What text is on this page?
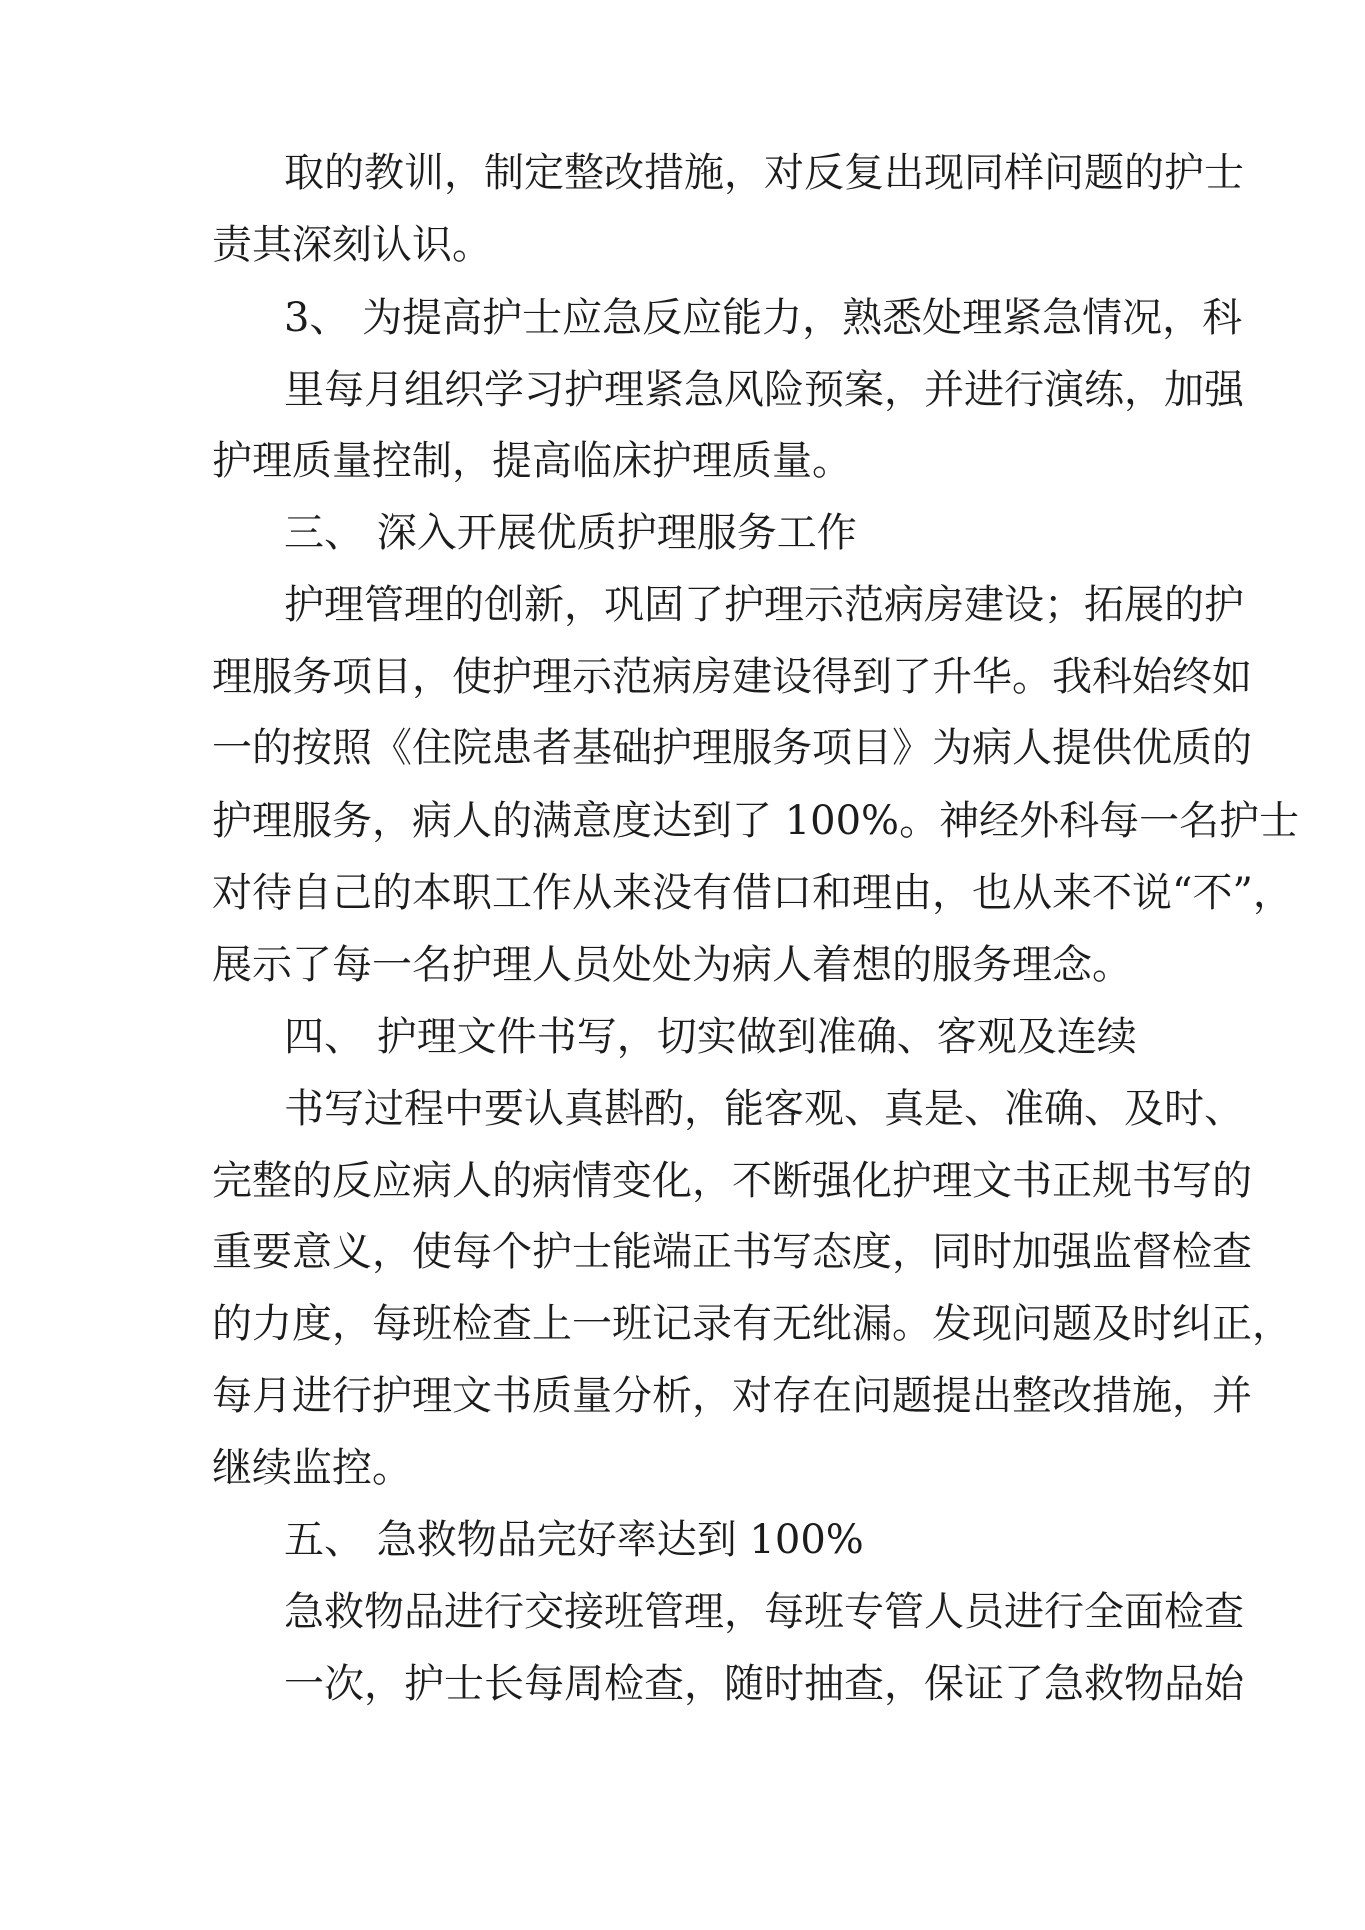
取的教训，制定整改措施，对反复出现同样问题的护士
责其深刻认识。
3、 为提高护士应急反应能力，熟悉处理紧急情况，科
里每月组织学习护理紧急风险预案，并进行演练，加强
护理质量控制，提高临床护理质量。
三、 深入开展优质护理服务工作
护理管理的创新，巩固了护理示范病房建设；拓展的护
理服务项目，使护理示范病房建设得到了升华。我科始终如
一的按照《住院患者基础护理服务项目》为病人提供优质的
护理服务，病人的满意度达到了 100%。神经外科每一名护士
对待自己的本职工作从来没有借口和理由，也从来不说“不”，
展示了每一名护理人员处处为病人着想的服务理念。
四、 护理文件书写，切实做到准确、客观及连续
书写过程中要认真斟酌，能客观、真是、准确、及时、
完整的反应病人的病情变化，不断强化护理文书正规书写的
重要意义，使每个护士能端正书写态度，同时加强监督检查
的力度，每班检查上一班记录有无纰漏。发现问题及时纠正，
每月进行护理文书质量分析，对存在问题提出整改措施，并
继续监控。
五、 急救物品完好率达到 100%
急救物品进行交接班管理，每班专管人员进行全面检查
一次，护士长每周检查，随时抽查，保证了急救物品始
